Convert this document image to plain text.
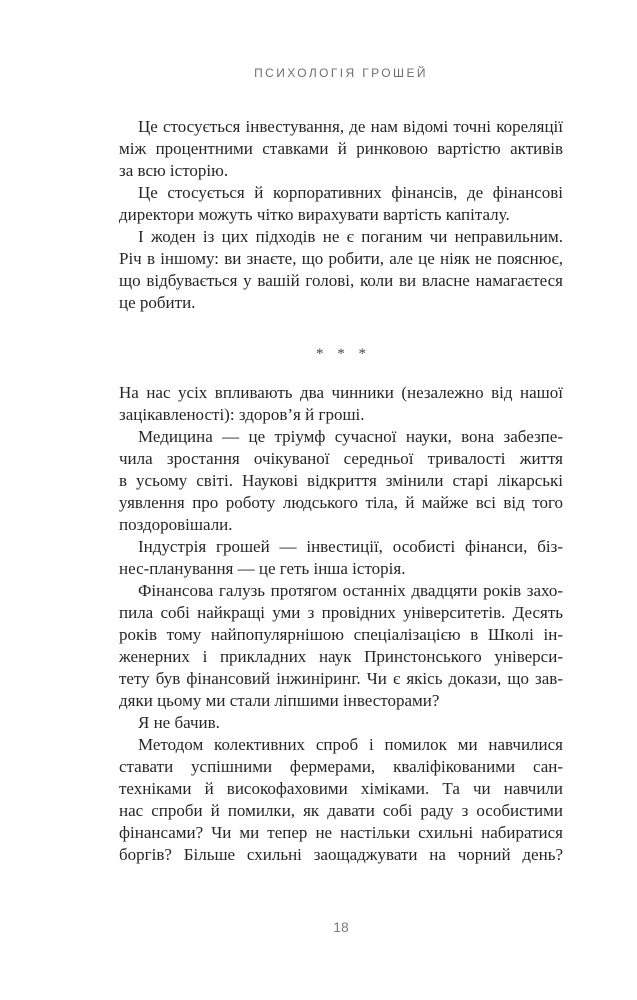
ПСИХОЛОГІЯ ГРОШЕЙ
Це стосується інвестування, де нам відомі точні кореляції
між процентними ставками й ринковою вартістю активів
за всю історію.
Це стосується й корпоративних фінансів, де фінансові
директори можуть чітко вирахувати вартість капіталу.
І жоден із цих підходів не є поганим чи неправильним.
Річ в іншому: ви знаєте, що робити, але це ніяк не пояснює,
що відбувається у вашій голові, коли ви власне намагаєтеся
це робити.
* * *
На нас усіх впливають два чинники (незалежно від нашої
зацікавленості): здоров’я й гроші.
Медицина — це тріумф сучасної науки, вона забезпе-
чила зростання очікуваної середньої тривалості життя
в усьому світі. Наукові відкриття змінили старі лікарські
уявлення про роботу людського тіла, й майже всі від того
поздоровішали.
Індустрія грошей — інвестиції, особисті фінанси, біз-
нес-планування — це геть інша історія.
Фінансова галузь протягом останніх двадцяти років захо-
пила собі найкращі уми з провідних університетів. Десять
років тому найпопулярнішою спеціалізацією в Школі ін-
женерних і прикладних наук Принстонського універси-
тету був фінансовий інжиніринг. Чи є якісь докази, що зав-
дяки цьому ми стали ліпшими інвесторами?
Я не бачив.
Методом колективних спроб і помилок ми навчилися
ставати успішними фермерами, кваліфікованими сан-
техніками й високофаховими хіміками. Та чи навчили
нас спроби й помилки, як давати собі раду з особистими
фінансами? Чи ми тепер не настільки схильні набиратися
боргів? Більше схильні заощаджувати на чорний день?
18
